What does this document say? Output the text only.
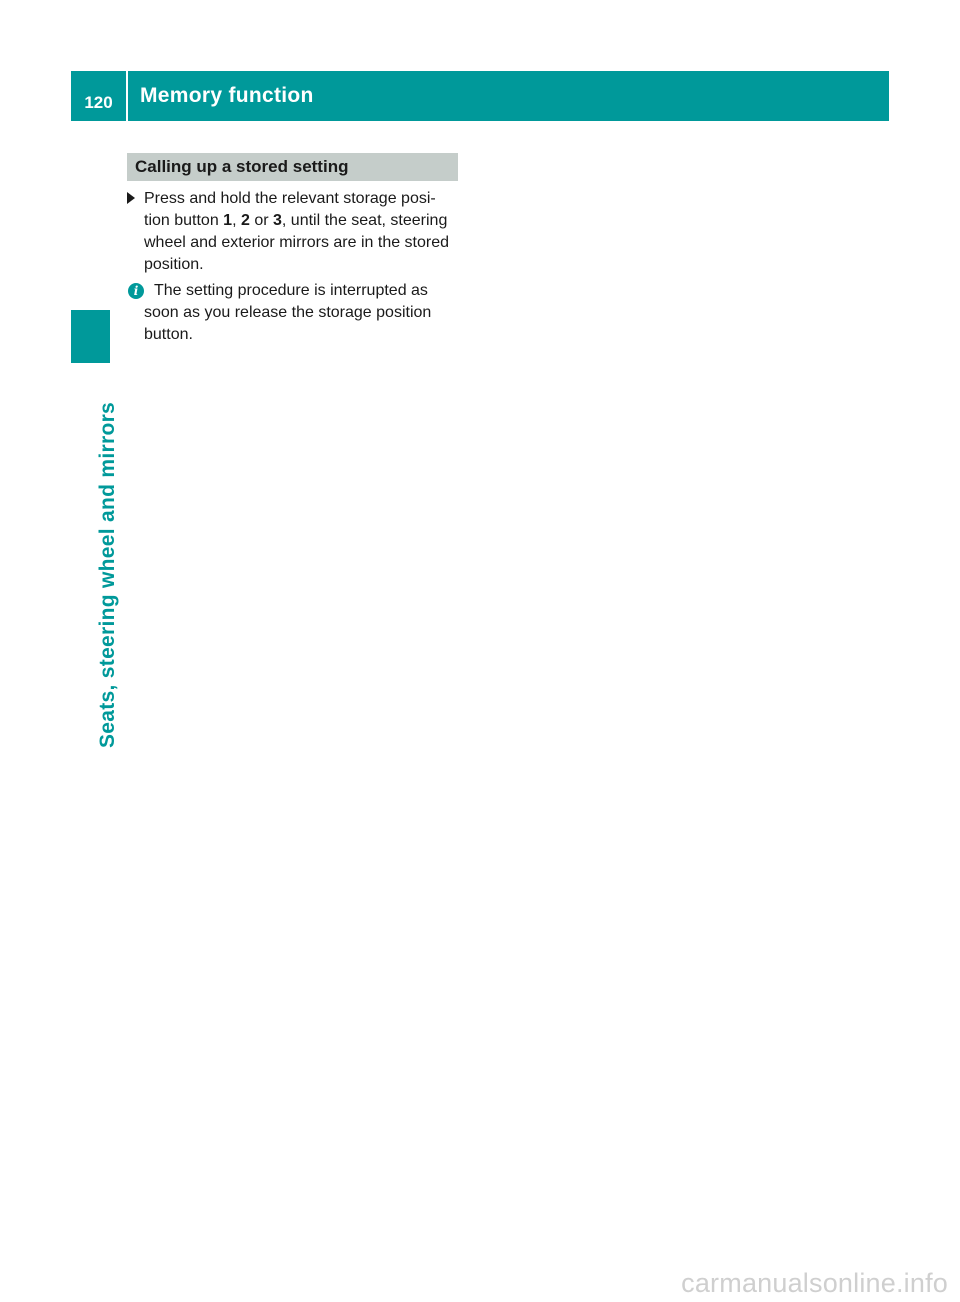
120	Memory function
Seats, steering wheel and mirrors
Calling up a stored setting
Press and hold the relevant storage posi-
tion button 1, 2 or 3, until the seat, steering wheel and exterior mirrors are in the stored position.
i The setting procedure is interrupted as soon as you release the storage position button.
carmanualsonline.info
